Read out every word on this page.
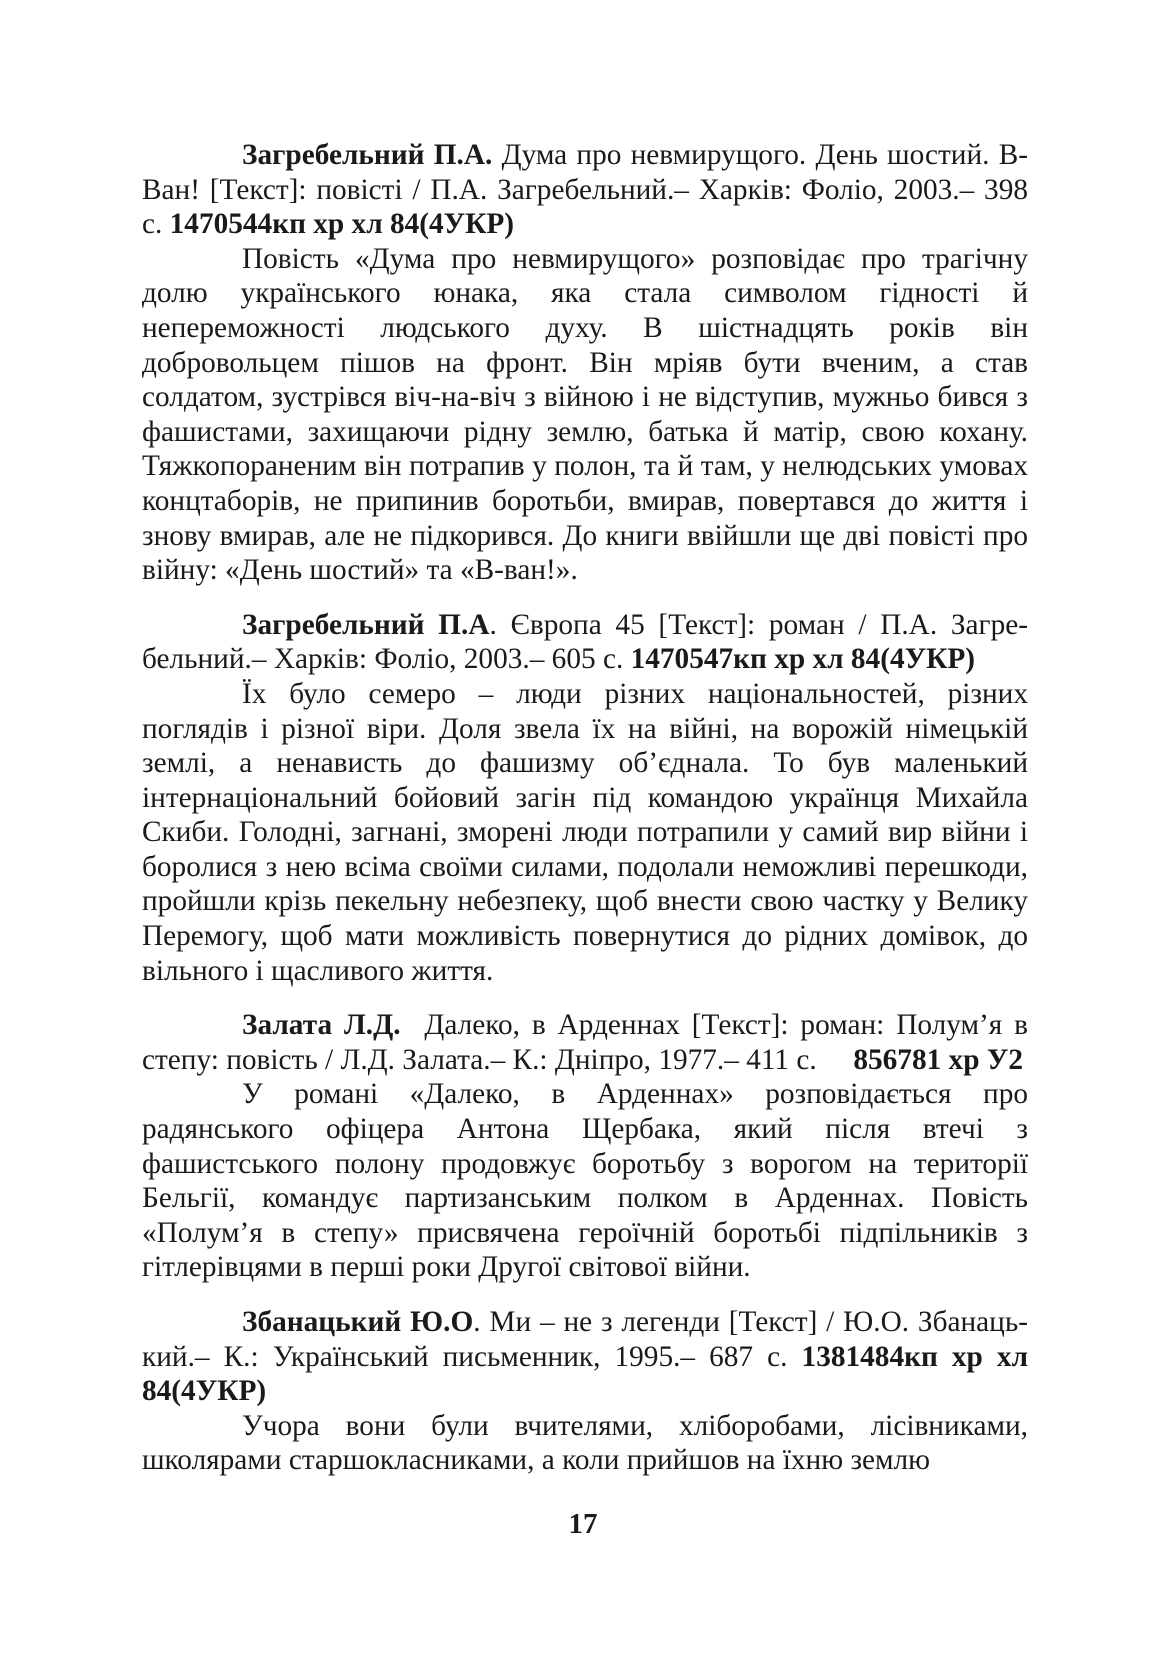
Загребельний П.А. Дума про невмирущого. День шостий. В-Ван! [Текст]: повісті / П.А. Загребельний.– Харків: Фоліо, 2003.– 398 с. 1470544кп хр хл 84(4УКР)

Повість «Дума про невмирущого» розповідає про трагічну долю українського юнака, яка стала символом гідності й непереможності людського духу. В шістнадцять років він добровольцем пішов на фронт. Він мріяв бути вченим, а став солдатом, зустрівся віч-на-віч з війною і не відступив, мужньо бився з фашистами, захищаючи рідну землю, батька й матір, свою кохану. Тяжкопораненим він потрапив у полон, та й там, у нелюдських умовах концтаборів, не припинив боротьби, вмирав, повертався до життя і знову вмирав, але не підкорився. До книги ввійшли ще дві повісті про війну: «День шостий» та «В-ван!».

Загребельний П.А. Європа 45 [Текст]: роман / П.А. Загребельний.– Харків: Фоліо, 2003.– 605 с. 1470547кп хр хл 84(4УКР)

Їх було семеро – люди різних національностей, різних поглядів і різної віри. Доля звела їх на війні, на ворожій німецькій землі, а ненависть до фашизму об’єднала. То був маленький інтернаціональний бойовий загін під командою українця Михайла Скиби. Голодні, загнані, зморені люди потрапили у самий вир війни і боролися з нею всіма своїми силами, подолали неможливі перешкоди, пройшли крізь пекельну небезпеку, щоб внести свою частку у Велику Перемогу, щоб мати можливість повернутися до рідних домівок, до вільного і щасливого життя.

Залата Л.Д.  Далеко, в Арденнах [Текст]: роман: Полум’я в степу: повість / Л.Д. Залата.– К.: Дніпро, 1977.– 411 с.     856781 хр У2

У романі «Далеко, в Арденнах» розповідається про радянського офіцера Антона Щербака, який після втечі з фашистського полону продовжує боротьбу з ворогом на території Бельгії, командує партизанським полком в Арденнах. Повість «Полум’я в степу» присвячена героїчній боротьбі підпільників з гітлерівцями в перші роки Другої світової війни.

Збанацький Ю.О. Ми – не з легенди [Текст] / Ю.О. Збанацький.– К.: Український письменник, 1995.– 687 с. 1381484кп хр хл 84(4УКР)

Учора вони були вчителями, хліборобами, лісівниками, школярами старшокласниками, а коли прийшов на їхню землю

17
